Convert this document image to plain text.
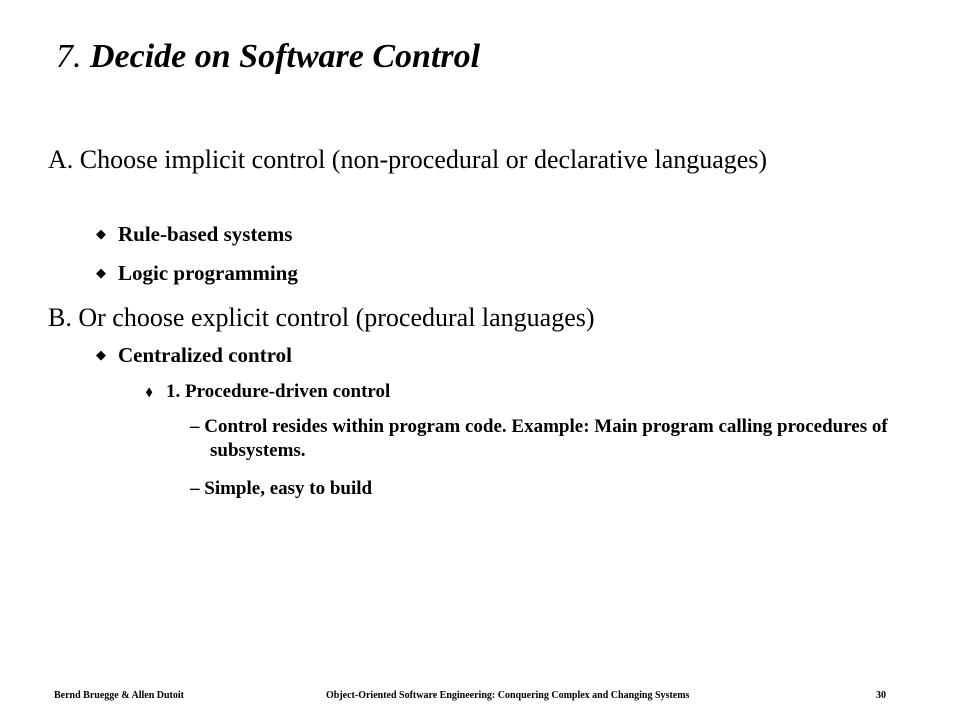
7. Decide on Software Control
A. Choose implicit control (non-procedural or declarative languages)
◆ Rule-based systems
◆ Logic programming
B. Or choose explicit control (procedural languages)
◆ Centralized control
⬧ 1. Procedure-driven control
– Control resides within program code. Example: Main program calling procedures of subsystems.
– Simple, easy to build
Bernd Bruegge & Allen Dutoit	Object-Oriented Software Engineering: Conquering Complex and Changing Systems	30
